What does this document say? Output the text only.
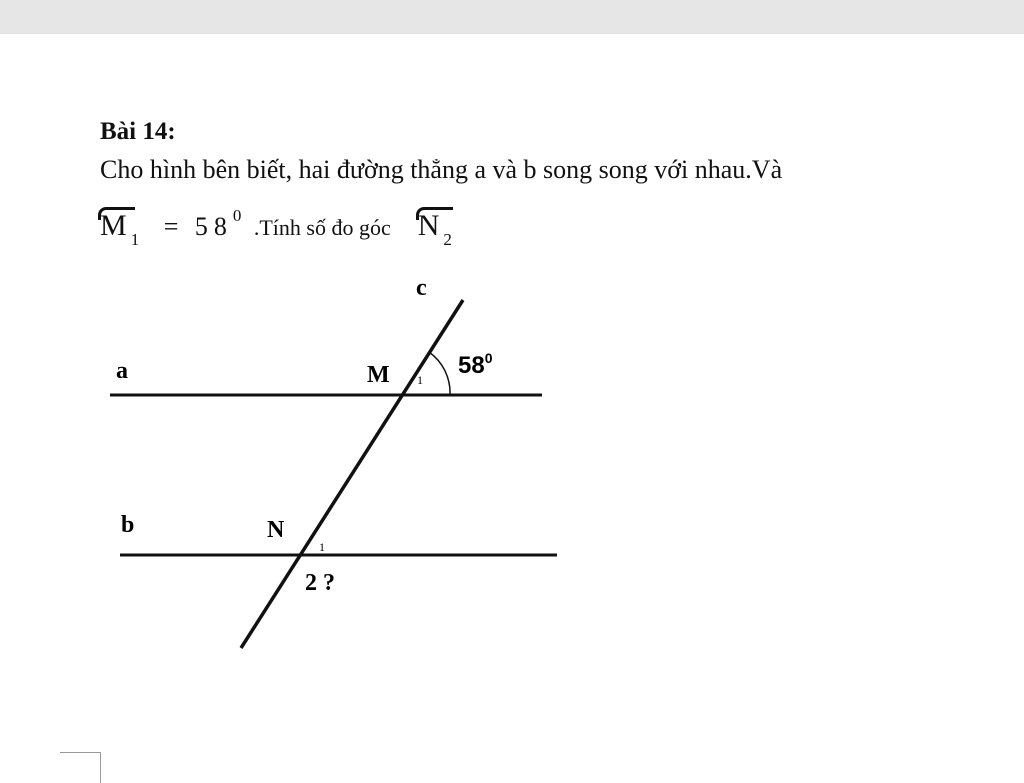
Bài 14:
Cho hình bên biết, hai đường thẳng a và b song song với nhau.Và
M $_1 = 58^0$ .Tính số đo góc N $_2$
a
b
c
M 1
$58^0$
N
1
2 ?
